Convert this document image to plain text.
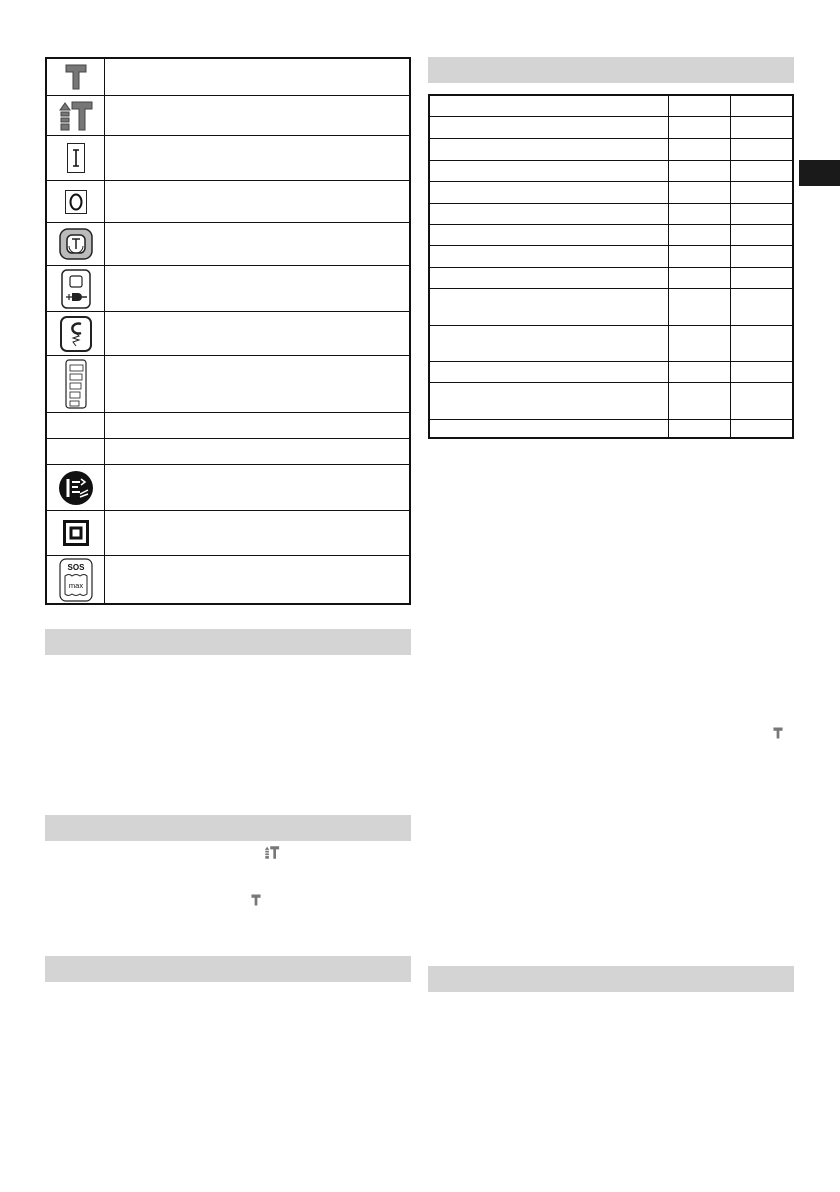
SOS
max
